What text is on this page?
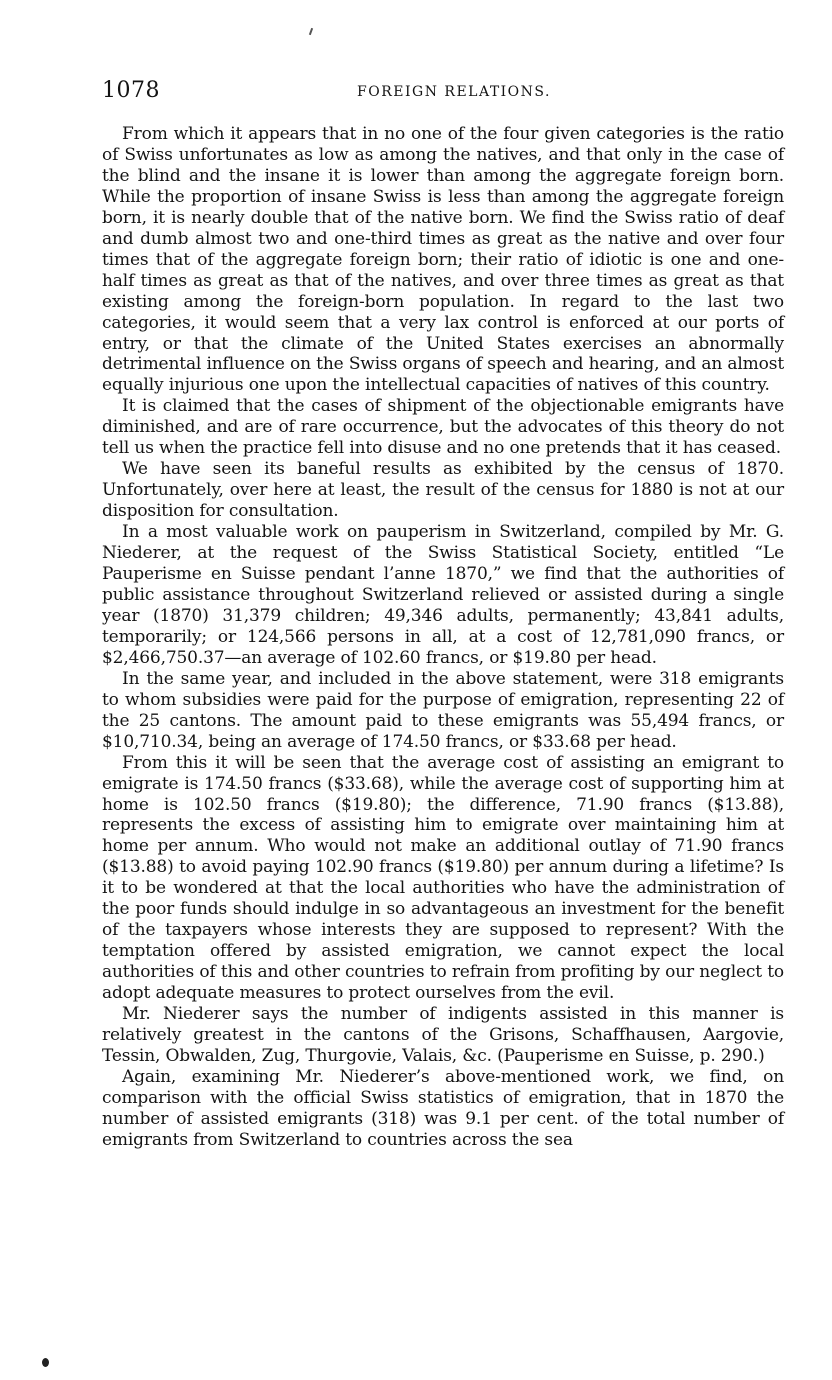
1078	FOREIGN RELATIONS.

From which it appears that in no one of the four given categories is the ratio of Swiss unfortunates as low as among the natives, and that only in the case of the blind and the insane it is lower than among the aggregate foreign born. While the proportion of insane Swiss is less than among the aggregate foreign born, it is nearly double that of the native born. We find the Swiss ratio of deaf and dumb almost two and one-third times as great as the native and over four times that of the aggregate foreign born; their ratio of idiotic is one and one-half times as great as that of the natives, and over three times as great as that existing among the foreign-born population. In regard to the last two categories, it would seem that a very lax control is enforced at our ports of entry, or that the climate of the United States exercises an abnormally detrimental influence on the Swiss organs of speech and hearing, and an almost equally injurious one upon the intellectual capacities of natives of this country.

It is claimed that the cases of shipment of the objectionable emigrants have diminished, and are of rare occurrence, but the advocates of this theory do not tell us when the practice fell into disuse and no one pretends that it has ceased.

We have seen its baneful results as exhibited by the census of 1870. Unfortunately, over here at least, the result of the census for 1880 is not at our disposition for consultation.

In a most valuable work on pauperism in Switzerland, compiled by Mr. G. Niederer, at the request of the Swiss Statistical Society, entitled “Le Pauperisme en Suisse pendant l’anne 1870,” we find that the authorities of public assistance throughout Switzerland relieved or assisted during a single year (1870) 31,379 children; 49,346 adults, permanently; 43,841 adults, temporarily; or 124,566 persons in all, at a cost of 12,781,090 francs, or $2,466,750.37—an average of 102.60 francs, or $19.80 per head.

In the same year, and included in the above statement, were 318 emigrants to whom subsidies were paid for the purpose of emigration, representing 22 of the 25 cantons. The amount paid to these emigrants was 55,494 francs, or $10,710.34, being an average of 174.50 francs, or $33.68 per head.

From this it will be seen that the average cost of assisting an emigrant to emigrate is 174.50 francs ($33.68), while the average cost of supporting him at home is 102.50 francs ($19.80); the difference, 71.90 francs ($13.88), represents the excess of assisting him to emigrate over maintaining him at home per annum. Who would not make an additional outlay of 71.90 francs ($13.88) to avoid paying 102.90 francs ($19.80) per annum during a lifetime? Is it to be wondered at that the local authorities who have the administration of the poor funds should indulge in so advantageous an investment for the benefit of the taxpayers whose interests they are supposed to represent? With the temptation offered by assisted emigration, we cannot expect the local authorities of this and other countries to refrain from profiting by our neglect to adopt adequate measures to protect ourselves from the evil.

Mr. Niederer says the number of indigents assisted in this manner is relatively greatest in the cantons of the Grisons, Schaffhausen, Aargovie, Tessin, Obwalden, Zug, Thurgovie, Valais, &c. (Pauperisme en Suisse, p. 290.)

Again, examining Mr. Niederer’s above-mentioned work, we find, on comparison with the official Swiss statistics of emigration, that in 1870 the number of assisted emigrants (318) was 9.1 per cent. of the total number of emigrants from Switzerland to countries across the sea
